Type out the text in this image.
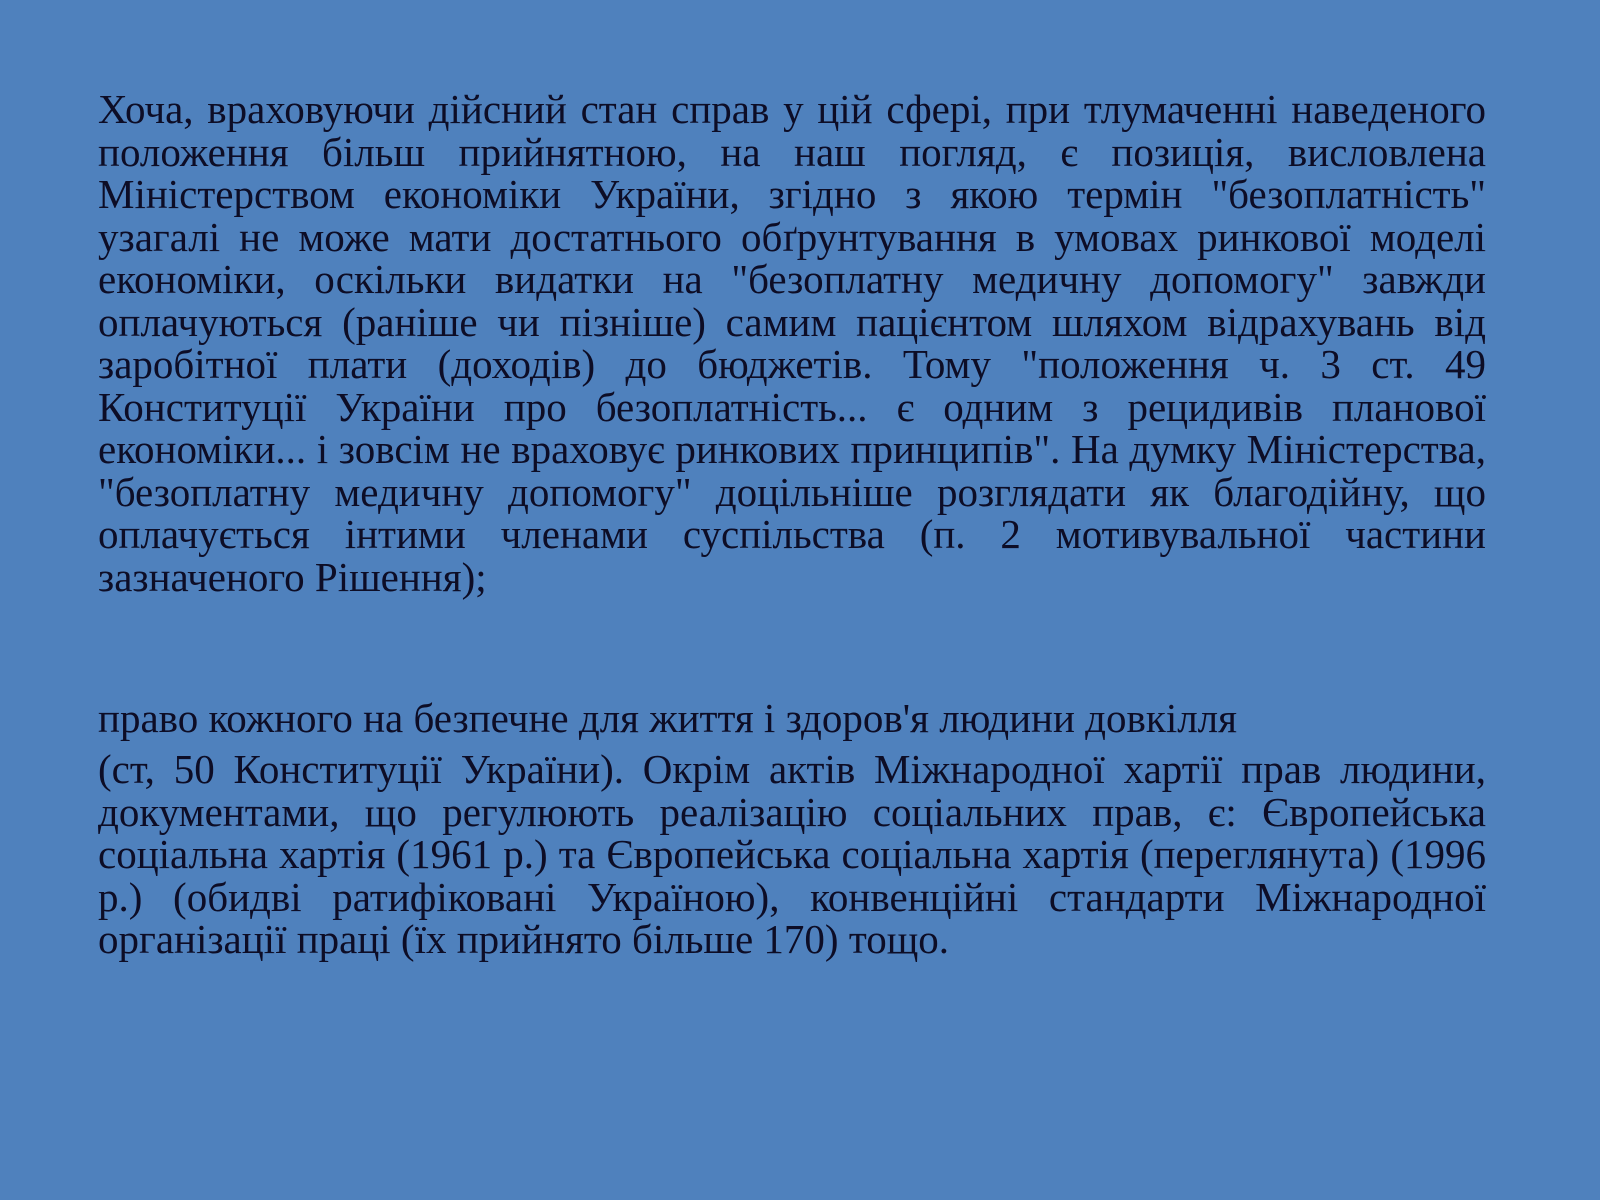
Хоча, враховуючи дійсний стан справ у цій сфері, при тлумаченні наведеного положення більш прийнятною, на наш погляд, є позиція, висловлена Міністерством економіки України, згідно з якою термін "безоплатність" узагалі не може мати достатнього обґрунтування в умовах ринкової моделі економіки, оскільки видатки на "безоплатну медичну допомогу" завжди оплачуються (раніше чи пізніше) самим пацієнтом шляхом відрахувань від заробітної плати (доходів) до бюджетів. Тому "положення ч. 3 ст. 49 Конституції України про безоплатність... є одним з рецидивів планової економіки... і зовсім не враховує ринкових принципів". На думку Міністерства, "безоплатну медичну допомогу" доцільніше розглядати як благодійну, що оплачується інтими членами суспільства (п. 2 мотивувальної частини зазначеного Рішення);
право кожного на безпечне для життя і здоров'я людини довкілля
(ст, 50 Конституції України). Окрім актів Міжнародної хартії прав людини, документами, що регулюють реалізацію соціальних прав, є: Європейська соціальна хартія (1961 р.) та Європейська соціальна хартія (переглянута) (1996 р.) (обидві ратифіковані Україною), конвенційні стандарти Міжнародної організації праці (їх прийнято більше 170) тощо.
